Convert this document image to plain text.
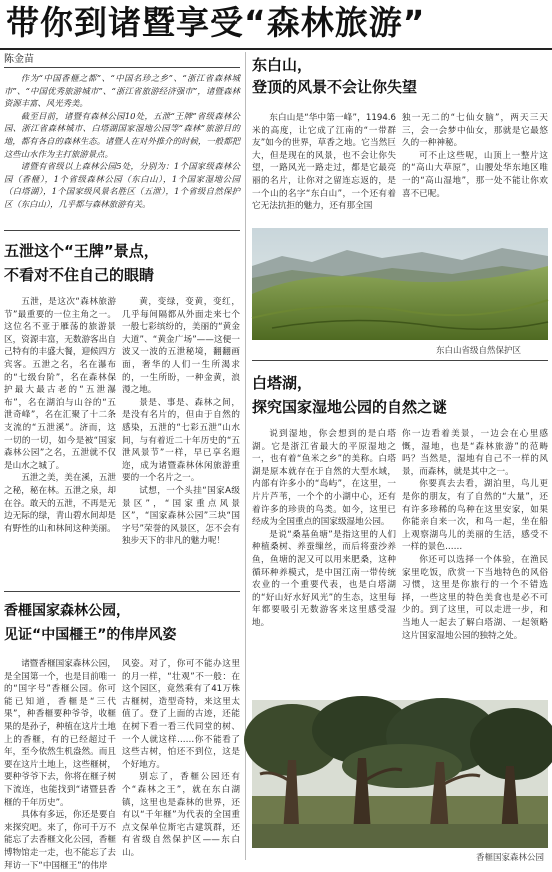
带你到诸暨享受“森林旅游”
陈金苗
作为“中国香榧之都”、“中国名珍之乡”、“浙江省森林城市”、“中国优秀旅游城市”、“浙江省旅游经济强市”，诸暨森林资源丰富、风光秀美。
截至目前，诸暨有森林公园10处，五泄“王牌”省级森林公园、浙江省森林城市、白塔湖国家湿地公园等“森林”旅游目的地，都有各自的森林生态。诸暨人在对外推介的时候，一般都把这些山水作为主打旅游景点。
诸暨有省级以上森林公园5处，分别为：1个国家级森林公园（香榧），1个省级森林公园（东白山），1个国家湿地公园（白塔湖），1个国家级风景名胜区（五泄），1个省级自然保护区（东白山），几乎都与森林旅游有关。
五泄这个“王牌”景点，
不看对不住自己的眼睛
五泄，是这次“森林旅游节”最重要的一位主角之一。这位名不亚于雁荡的旅游景区，资源丰富，无数游客出自己特有的丰盛大餐，迎候四方宾客。五泄之名，名在瀑布的“七级台阶”，名在森林保护最大最古老的“五泄瀑布”，名在湖泊与山谷的“五泄奇峰”，名在汇聚了十二条支流的“五泄溪”。济而，这一切的一切，如今是被“国家森林公园”之名，五泄就不仅是山水之城了。
五泄之美，美在溪，五泄之秘，秘在林。五泄之泉，却在谷。敢天的五泄，不再是无边无际的绿，青山碧水间却是有野性的山和林间这种美丽。
黄，变绿，变黄，变红，几乎每间隔都从外面走来七个一般七彩缤纷的，美丽的“黄金大道”、“黄金广场”——这便一波又一波的五泄秘境，翻翻画面，奢华的人们一生所渴求的，一生所盼，一种金黄，浪漫之地。
景是、事是、森林之间，是没有名片的，但由于自然的感染，五泄的“七彩五泄”山水间，与有着近二十年历史的“五泄风景节”一样，早已享名遐迩，成为诸暨森林休闲旅游重要的一个名片之一。
试想，一个头挂“国家A级景区”，“国家重点风景区”，“国家森林公园”三块“国字号”荣誉的风景区，怎不会有独步天下的非凡的魅力呢！
香榧国家森林公园，
见证“中国榧王”的伟岸风姿
诸暨香榧国家森林公园，是全国第一个，也是目前唯一的“国字号”香榧公园。你可能已知道，香榧是“三代果”，种香榧要种爷爷，收榧果的是孙子，种植在这片土地上的香榧，有的已经超过千年，至今依然生机盎然。而且要在这片土地上，这些榧树，要种爷爷下去，你将在榧子树下流连，也能找到“诸暨县香榧的千年历史”。
具体有多远，你还是要自来探究吧。来了，你可千万不能忘了去香榧文化公园，香榧博物馆走一走，也不能忘了去拜访一下“中国榧王”的伟岸
风姿。对了，你可不能办这里的月一样，“壮观”不一般：在这个园区，竟然乘有了41万株古榧树，造型奇特，来这里太值了。登了上面的古迹，还能在树下看一看三代同堂的树、一个人就这样……你不能看了这些古树，怕还不到位，这是个好地方。
别忘了，香榧公园还有个“森林之王”，就在东白湖镇，这里也是森林的世界，还有以“千年榧”为代表的全国重点文保单位斯宅古建筑群，还有省级自然保护区——东白山。
东白山，
登顶的风景不会让你失望
东白山是“华中第一峰”，1194.6米的高度，让它成了江南的“一带群友”如今的世界，草香之地。它当然巨大，但是现在的风景，也不会让你失望，一路风光一路走过，都是它最亮丽的名片，让你对之留连忘返的，是一个山的名字“东白山”，一个还有着它无法抗拒的魅力，还有那全国
独一无二的“七仙女脑”，两天三天三，会一会梦中仙女，那就是它最悠久的一种神秘。
可不止这些呢，山顶上一整片这的“高山大草原”，山腰处华东地区唯一的“高山湿地”，那一处不能让你欢喜不已呢。
东白山省级自然保护区
白塔湖，
探究国家湿地公园的自然之谜
说到湿地，你会想到的是白塔湖。它是浙江省最大的平原湿地之一，也有着“鱼米之乡”的美称。白塔湖是原本就存在于自然的大型水域，内部有许多小的“岛屿”，在这里，一片片芦苇，一个个的小湖中心，还有着许多的珍贵的鸟类。如今，这里已经成为全国重点的国家级湿地公园。
是说“桑基鱼塘”是指这里的人们种植桑树、养蚕缫丝，而后将蚕沙养鱼，鱼塘的泥又可以用来肥桑，这种循环种养模式，是中国江南一带传统农业的一个重要代表，也是白塔湖的“好山好水好风光”的生态，这里每年都要吸引无数游客来这里感受湿地。
你一边看着美景，一边会在心里感慨，湿地，也是“森林旅游”的范畴吗？当然是，湿地有自己不一样的风景，而森林，就是其中之一。
你要真去去看，湖泊里，鸟儿更是你的朋友，有了自然的“大量”，还有许多珍稀的鸟种在这里安家，如果你能亲自来一次，和鸟一起，坐在船上观察湖鸟儿的美丽的生活，感受不一样的景色……
你还可以选择一个体验，在渔民家里吃饭，欣赏一下当地特色的风俗习惯，这里是你旅行的一个不错选择，一些这里的特色美食也是必不可少的。到了这里，可以走进一步，和当地人一起去了解白塔湖、一起领略这片国家湿地公园的独特之处。
香榧国家森林公园
